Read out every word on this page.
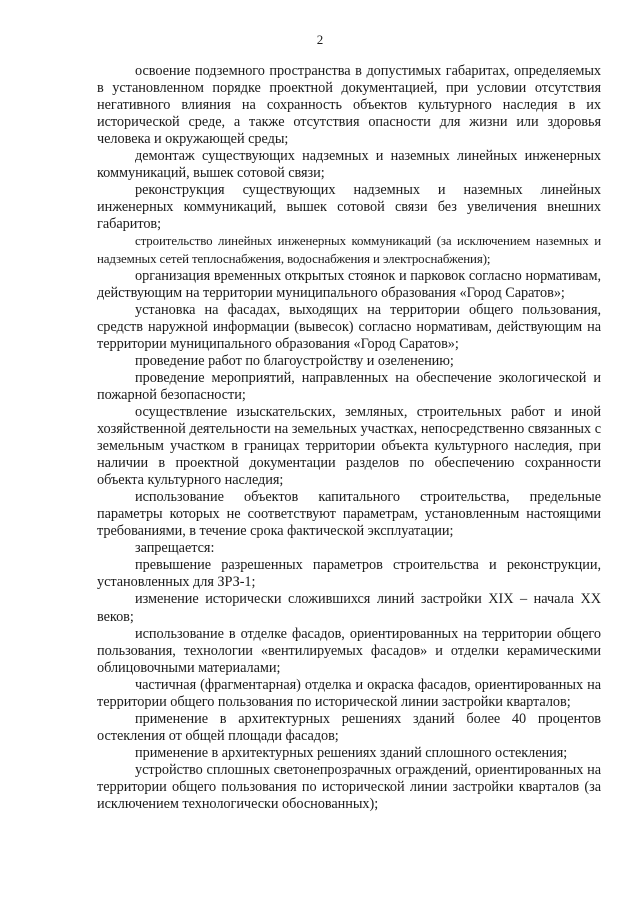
2

освоение подземного пространства в допустимых габаритах, определяемых в установленном порядке проектной документацией, при условии отсутствия негативного влияния на сохранность объектов культурного наследия в их исторической среде, а также отсутствия опасности для жизни или здоровья человека и окружающей среды;

демонтаж существующих надземных и наземных линейных инженерных коммуникаций, вышек сотовой связи;

реконструкция существующих надземных и наземных линейных инженерных коммуникаций, вышек сотовой связи без увеличения внешних габаритов;

строительство линейных инженерных коммуникаций (за исключением наземных и надземных сетей теплоснабжения, водоснабжения и электроснабжения);

организация временных открытых стоянок и парковок согласно нормативам, действующим на территории муниципального образования «Город Саратов»;

установка на фасадах, выходящих на территории общего пользования, средств наружной информации (вывесок) согласно нормативам, действующим на территории муниципального образования «Город Саратов»;

проведение работ по благоустройству и озеленению;

проведение мероприятий, направленных на обеспечение экологической и пожарной безопасности;

осуществление изыскательских, земляных, строительных работ и иной хозяйственной деятельности на земельных участках, непосредственно связанных с земельным участком в границах территории объекта культурного наследия, при наличии в проектной документации разделов по обеспечению сохранности объекта культурного наследия;

использование объектов капитального строительства, предельные параметры которых не соответствуют параметрам, установленным настоящими требованиями, в течение срока фактической эксплуатации;

запрещается:

превышение разрешенных параметров строительства и реконструкции, установленных для ЗРЗ-1;

изменение исторически сложившихся линий застройки XIX – начала XX веков;

использование в отделке фасадов, ориентированных на территории общего пользования, технологии «вентилируемых фасадов» и отделки керамическими облицовочными материалами;

частичная (фрагментарная) отделка и окраска фасадов, ориентированных на территории общего пользования по исторической линии застройки кварталов;

применение в архитектурных решениях зданий более 40 процентов остекления от общей площади фасадов;

применение в архитектурных решениях зданий сплошного остекления;

устройство сплошных светонепрозрачных ограждений, ориентированных на территории общего пользования по исторической линии застройки кварталов (за исключением технологически обоснованных);
